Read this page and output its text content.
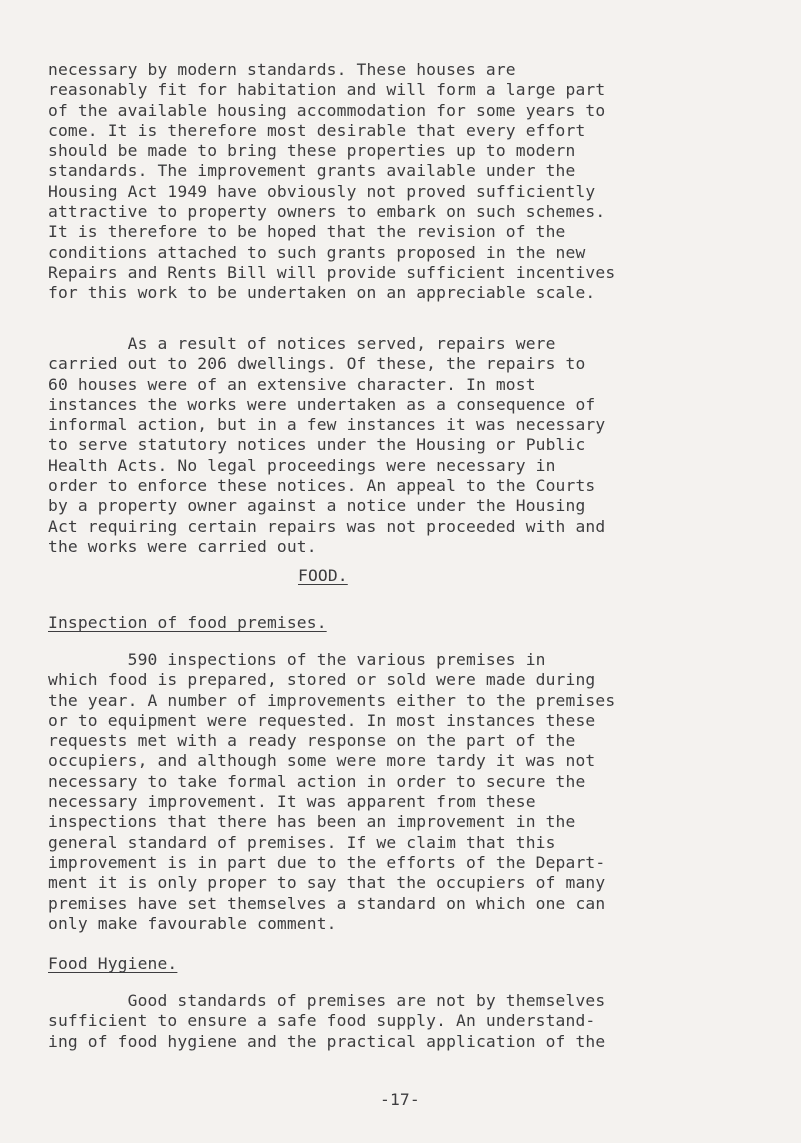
necessary by modern standards. These houses are
reasonably fit for habitation and will form a large part
of the available housing accommodation for some years to
come. It is therefore most desirable that every effort
should be made to bring these properties up to modern
standards. The improvement grants available under the
Housing Act 1949 have obviously not proved sufficiently
attractive to property owners to embark on such schemes.
It is therefore to be hoped that the revision of the
conditions attached to such grants proposed in the new
Repairs and Rents Bill will provide sufficient incentives
for this work to be undertaken on an appreciable scale.
As a result of notices served, repairs were
carried out to 206 dwellings. Of these, the repairs to
60 houses were of an extensive character. In most
instances the works were undertaken as a consequence of
informal action, but in a few instances it was necessary
to serve statutory notices under the Housing or Public
Health Acts. No legal proceedings were necessary in
order to enforce these notices. An appeal to the Courts
by a property owner against a notice under the Housing
Act requiring certain repairs was not proceeded with and
the works were carried out.
FOOD.
Inspection of food premises.
590 inspections of the various premises in
which food is prepared, stored or sold were made during
the year. A number of improvements either to the premises
or to equipment were requested. In most instances these
requests met with a ready response on the part of the
occupiers, and although some were more tardy it was not
necessary to take formal action in order to secure the
necessary improvement. It was apparent from these
inspections that there has been an improvement in the
general standard of premises. If we claim that this
improvement is in part due to the efforts of the Depart-
ment it is only proper to say that the occupiers of many
premises have set themselves a standard on which one can
only make favourable comment.
Food Hygiene.
Good standards of premises are not by themselves
sufficient to ensure a safe food supply. An understand-
ing of food hygiene and the practical application of the
-17-
